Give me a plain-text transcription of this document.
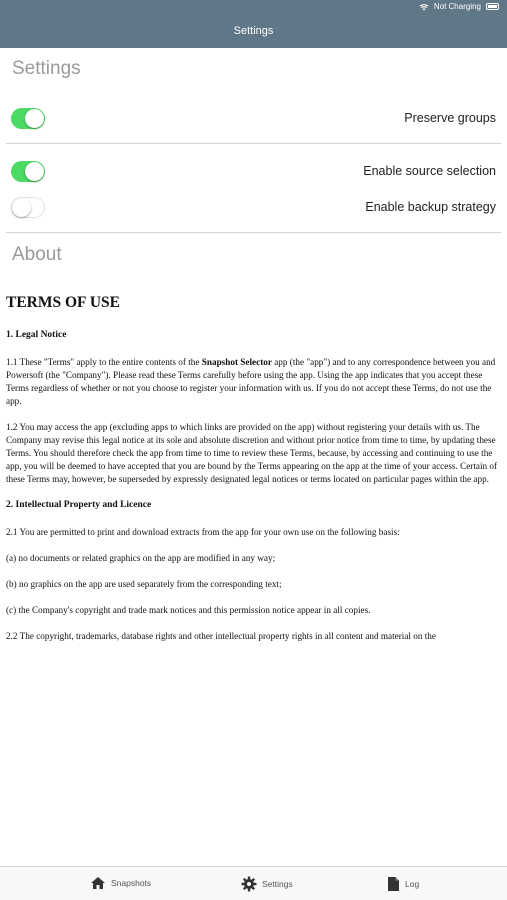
Not Charging
Settings
Settings
Preserve groups
Enable source selection
Enable backup strategy
About
TERMS OF USE
1. Legal Notice

1.1 These "Terms" apply to the entire contents of the Snapshot Selector app (the "app") and to any correspondence between you and Powersoft (the "Company"). Please read these Terms carefully before using the app. Using the app indicates that you accept these Terms regardless of whether or not you choose to register your information with us. If you do not accept these Terms, do not use the app.

1.2 You may access the app (excluding apps to which links are provided on the app) without registering your details with us. The Company may revise this legal notice at its sole and absolute discretion and without prior notice from time to time, by updating these Terms. You should therefore check the app from time to time to review these Terms, because, by accessing and continuing to use the app, you will be deemed to have accepted that you are bound by the Terms appearing on the app at the time of your access. Certain of these Terms may, however, be superseded by expressly designated legal notices or terms located on particular pages within the app.

2. Intellectual Property and Licence

2.1 You are permitted to print and download extracts from the app for your own use on the following basis:

(a) no documents or related graphics on the app are modified in any way;

(b) no graphics on the app are used separately from the corresponding text;

(c) the Company's copyright and trade mark notices and this permission notice appear in all copies.

2.2 The copyright, trademarks, database rights and other intellectual property rights in all content and material on the

Snapshots	Settings	Log
